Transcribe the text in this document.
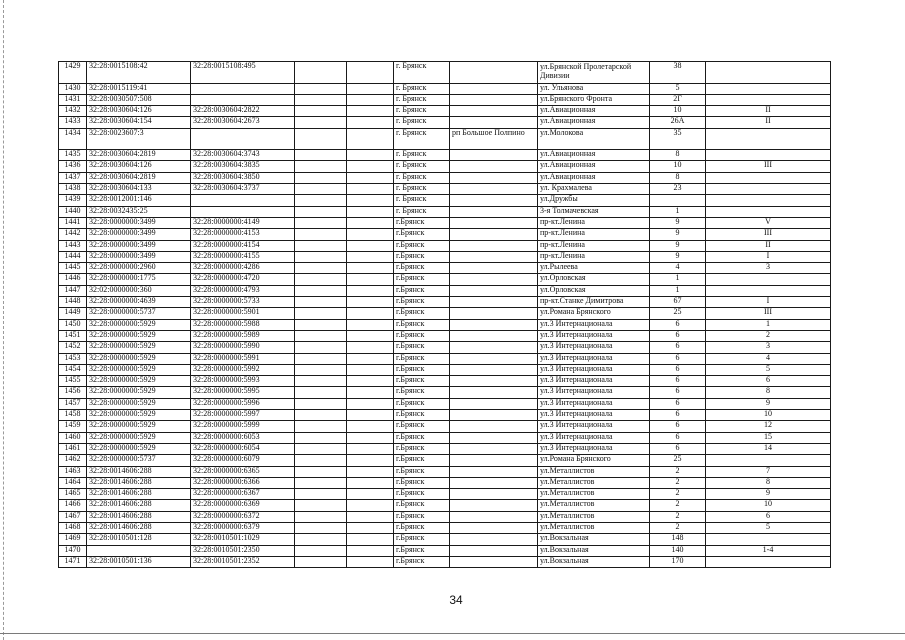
1429	32:28:0015108:42	32:28:0015108:495			г. Брянск		ул.Брянской Пролетарской Дивизии	38	
1430	32:28:0015119:41				г. Брянск		ул. Ульянова	5	
1431	32:28:0030507:508				г. Брянск		ул.Брянского Фронта	2Г	
1432	32:28:0030604:126	32:28:0030604:2822			г. Брянск		ул.Авиационная	10	II
1433	32:28:0030604:154	32:28:0030604:2673			г. Брянск		ул.Авиационная	26А	II
1434	32:28:0023607:3				г. Брянск	рп Большое Полпино	ул.Молокова	35	
1435	32:28:0030604:2819	32:28:0030604:3743			г. Брянск		ул.Авиационная	8	
1436	32:28:0030604:126	32:28:0030604:3835			г. Брянск		ул.Авиационная	10	III
1437	32:28:0030604:2819	32:28:0030604:3850			г. Брянск		ул.Авиационная	8	
1438	32:28:0030604:133	32:28:0030604:3737			г. Брянск		ул. Крахмалева	23	
1439	32:28:0012001:146				г. Брянск		ул.Дружбы		
1440	32:28:0032435:25				г. Брянск		3-я Толмачевская	1	
1441	32:28:0000000:3499	32:28:0000000:4149			г.Брянск		пр-кт.Ленина	9	V
1442	32:28:0000000:3499	32:28:0000000:4153			г.Брянск		пр-кт.Ленина	9	III
1443	32:28:0000000:3499	32:28:0000000:4154			г.Брянск		пр-кт.Ленина	9	II
1444	32:28:0000000:3499	32:28:0000000:4155			г.Брянск		пр-кт.Ленина	9	I
1445	32:28:0000000:2960	32:28:0000000:4286			г.Брянск		ул.Рылеева	4	3
1446	32:28:0000000:1775	32:28:0000000:4720			г.Брянск		ул.Орловская	1	
1447	32:02:0000000:360	32:28:0000000:4793			г.Брянск		ул.Орловская	1	
1448	32:28:0000000:4639	32:28:0000000:5733			г.Брянск		пр-кт.Станке Димитрова	67	I
1449	32:28:0000000:5737	32:28:0000000:5901			г.Брянск		ул.Романа Брянского	25	III
1450	32:28:0000000:5929	32:28:0000000:5988			г.Брянск		ул.3 Интернационала	6	1
1451	32:28:0000000:5929	32:28:0000000:5989			г.Брянск		ул.3 Интернационала	6	2
1452	32:28:0000000:5929	32:28:0000000:5990			г.Брянск		ул.3 Интернационала	6	3
1453	32:28:0000000:5929	32:28:0000000:5991			г.Брянск		ул.3 Интернационала	6	4
1454	32:28:0000000:5929	32:28:0000000:5992			г.Брянск		ул.3 Интернационала	6	5
1455	32:28:0000000:5929	32:28:0000000:5993			г.Брянск		ул.3 Интернационала	6	6
1456	32:28:0000000:5929	32:28:0000000:5995			г.Брянск		ул.3 Интернационала	6	8
1457	32:28:0000000:5929	32:28:0000000:5996			г.Брянск		ул.3 Интернационала	6	9
1458	32:28:0000000:5929	32:28:0000000:5997			г.Брянск		ул.3 Интернационала	6	10
1459	32:28:0000000:5929	32:28:0000000:5999			г.Брянск		ул.3 Интернационала	6	12
1460	32:28:0000000:5929	32:28:0000000:6053			г.Брянск		ул.3 Интернационала	6	15
1461	32:28:0000000:5929	32:28:0000000:6054			г.Брянск		ул.3 Интернационала	6	14
1462	32:28:0000000:5737	32:28:0000000:6079			г.Брянск		ул.Романа Брянского	25	
1463	32:28:0014606:288	32:28:0000000:6365			г.Брянск		ул.Металлистов	2	7
1464	32:28:0014606:288	32:28:0000000:6366			г.Брянск		ул.Металлистов	2	8
1465	32:28:0014606:288	32:28:0000000:6367			г.Брянск		ул.Металлистов	2	9
1466	32:28:0014606:288	32:28:0000000:6369			г.Брянск		ул.Металлистов	2	10
1467	32:28:0014606:288	32:28:0000000:6372			г.Брянск		ул.Металлистов	2	6
1468	32:28:0014606:288	32:28:0000000:6379			г.Брянск		ул.Металлистов	2	5
1469	32:28:0010501:128	32:28:0010501:1029			г.Брянск		ул.Вокзальная	148	
1470		32:28:0010501:2350			г.Брянск		ул.Вокзальная	140	1-4
1471	32:28:0010501:136	32:28:0010501:2352			г.Брянск		ул.Вокзальная	170	
34
